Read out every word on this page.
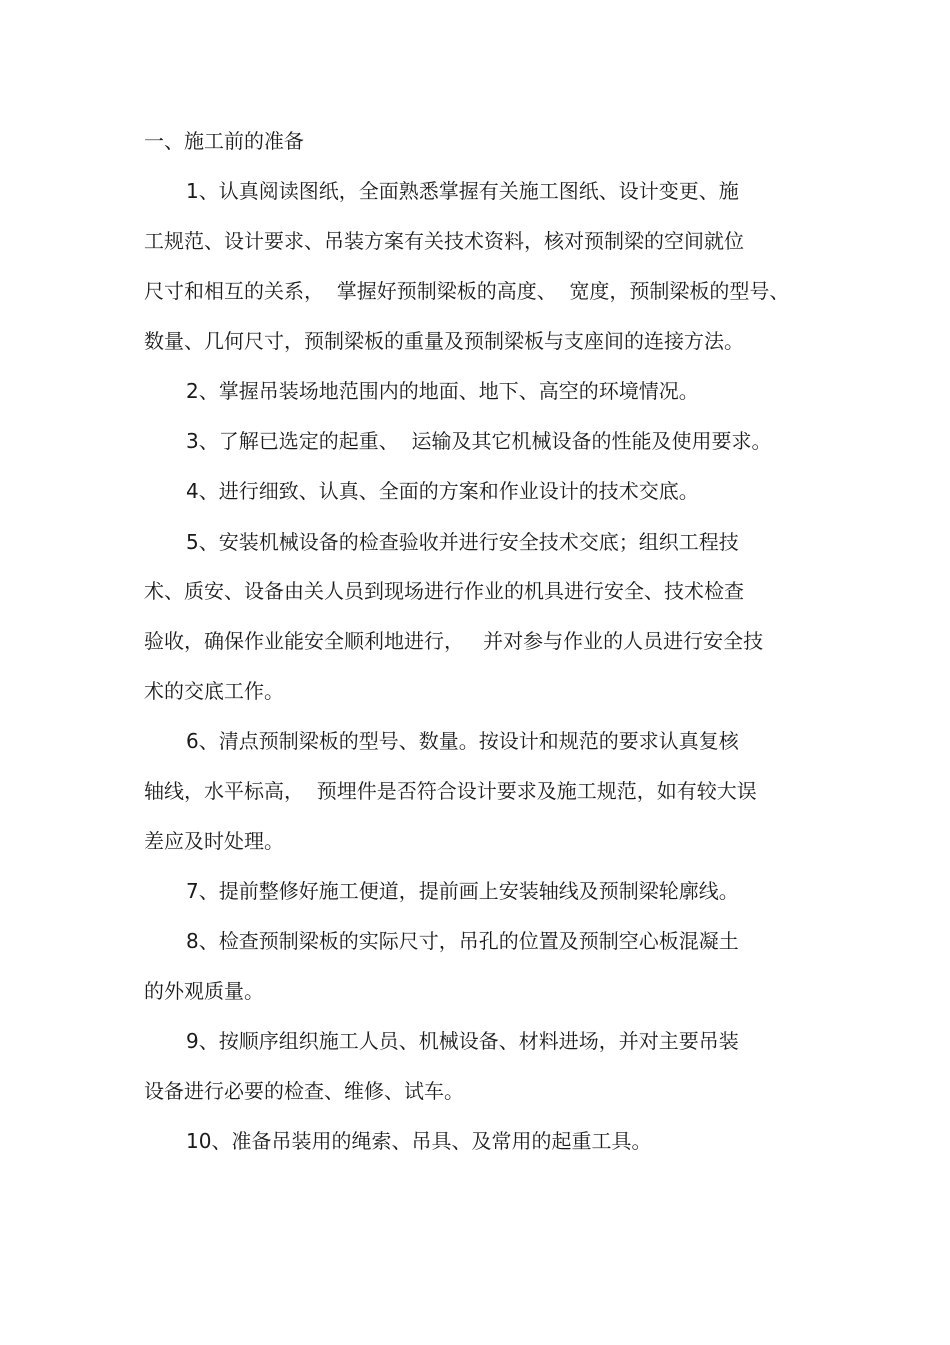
一、施工前的准备

1、认真阅读图纸，全面熟悉掌握有关施工图纸、设计变更、施

工规范、设计要求、吊装方案有关技术资料，核对预制梁的空间就位

尺寸和相互的关系，  掌握好预制梁板的高度、  宽度，预制梁板的型号、

数量、几何尺寸，预制梁板的重量及预制梁板与支座间的连接方法。

2、掌握吊装场地范围内的地面、地下、高空的环境情况。

3、了解已选定的起重、  运输及其它机械设备的性能及使用要求。

4、进行细致、认真、全面的方案和作业设计的技术交底。

5、安装机械设备的检查验收并进行安全技术交底；组织工程技

术、质安、设备由关人员到现场进行作业的机具进行安全、技术检查

验收，确保作业能安全顺利地进行，   并对参与作业的人员进行安全技

术的交底工作。

6、清点预制梁板的型号、数量。按设计和规范的要求认真复核

轴线，水平标高，  预埋件是否符合设计要求及施工规范，如有较大误

差应及时处理。

7、提前整修好施工便道，提前画上安装轴线及预制梁轮廓线。

8、检查预制梁板的实际尺寸，吊孔的位置及预制空心板混凝土

的外观质量。

9、按顺序组织施工人员、机械设备、材料进场，并对主要吊装

设备进行必要的检查、维修、试车。

10、准备吊装用的绳索、吊具、及常用的起重工具。
